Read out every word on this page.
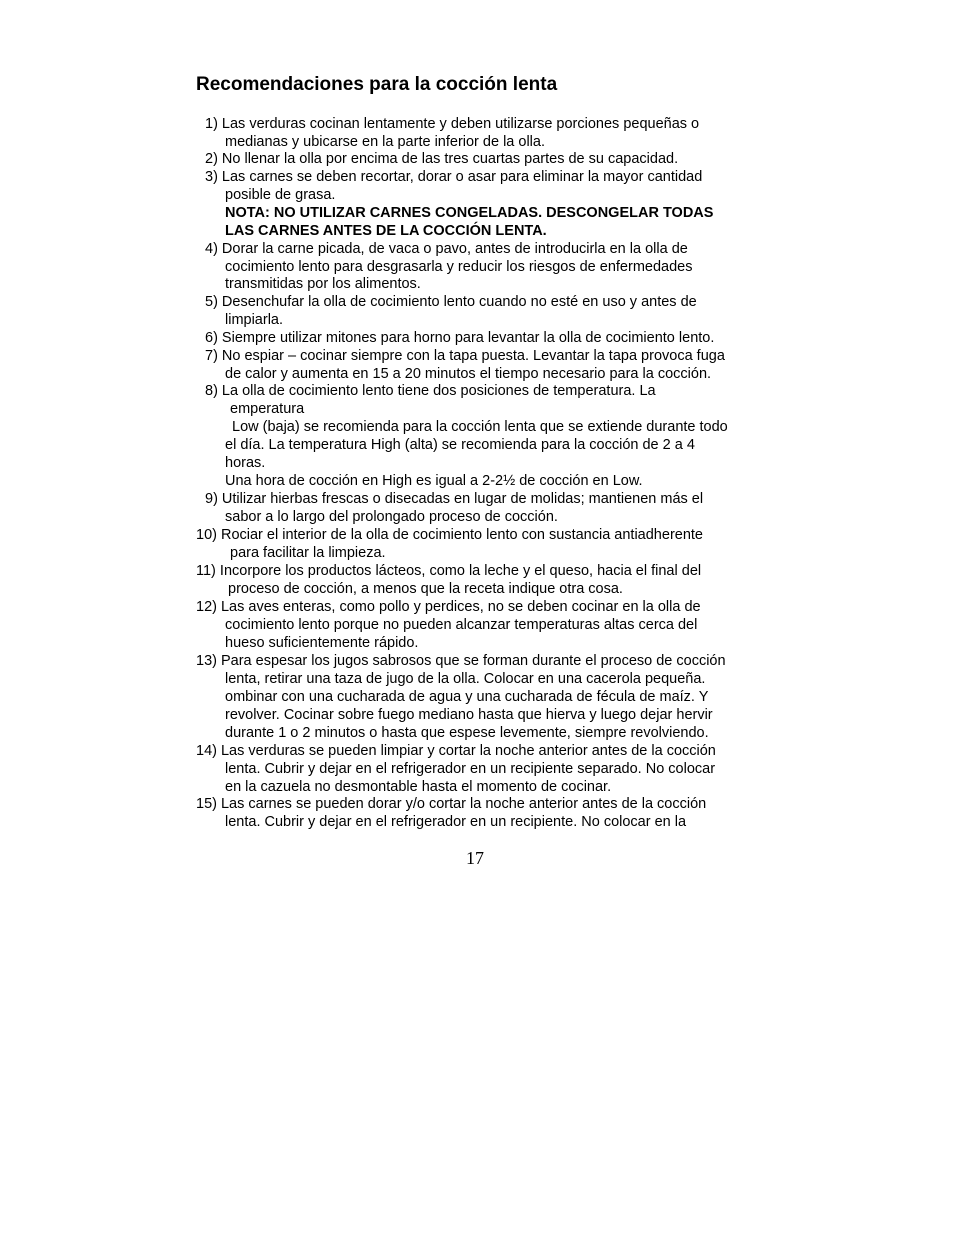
Recomendaciones para la cocción lenta
1) Las verduras cocinan lentamente y deben utilizarse porciones pequeñas o
medianas y ubicarse en la parte inferior de la olla.
2) No llenar la olla por encima de las tres cuartas partes de su capacidad.
3) Las carnes se deben recortar, dorar o asar para eliminar la mayor cantidad
posible de grasa.
NOTA: NO UTILIZAR CARNES CONGELADAS. DESCONGELAR TODAS
LAS CARNES ANTES DE LA COCCIÓN LENTA.
4) Dorar la carne picada, de vaca o pavo, antes de introducirla en la olla de
cocimiento lento para desgrasarla y reducir los riesgos de enfermedades
transmitidas por los alimentos.
5) Desenchufar la olla de cocimiento lento cuando no esté en uso y antes de
limpiarla.
6) Siempre utilizar mitones para horno para levantar la olla de cocimiento lento.
7) No espiar – cocinar siempre con la tapa puesta. Levantar la tapa provoca fuga
de calor y aumenta en 15 a 20 minutos el tiempo necesario para la cocción.
8) La olla de cocimiento lento tiene dos posiciones de temperatura. La
emperatura
Low (baja) se recomienda para la cocción lenta que se extiende durante todo
el día. La temperatura High (alta) se recomienda para la cocción de 2 a 4
horas.
Una hora de cocción en High es igual a 2-2½ de cocción en Low.
9) Utilizar hierbas frescas o disecadas en lugar de molidas; mantienen más el
sabor a lo largo del prolongado proceso de cocción.
10) Rociar el interior de la olla de cocimiento lento con sustancia antiadherente
para facilitar la limpieza.
11) Incorpore los productos lácteos, como la leche y el queso, hacia el final del
proceso de cocción, a menos que la receta indique otra cosa.
12) Las aves enteras, como pollo y perdices, no se deben cocinar en la olla de
cocimiento lento porque no pueden alcanzar temperaturas altas cerca del
hueso suficientemente rápido.
13) Para espesar los jugos sabrosos que se forman durante el proceso de cocción
lenta, retirar una taza de jugo de la olla. Colocar en una cacerola pequeña.
ombinar con una cucharada de agua y una cucharada de fécula de maíz. Y
revolver. Cocinar sobre fuego mediano hasta que hierva y luego dejar hervir
durante 1 o 2 minutos o hasta que espese levemente, siempre revolviendo.
14) Las verduras se pueden limpiar y cortar la noche anterior antes de la cocción
lenta. Cubrir y dejar en el refrigerador en un recipiente separado. No colocar
en la cazuela no desmontable hasta el momento de cocinar.
15) Las carnes se pueden dorar y/o cortar la noche anterior antes de la cocción
lenta. Cubrir y dejar en el refrigerador en un recipiente. No colocar en la
17
